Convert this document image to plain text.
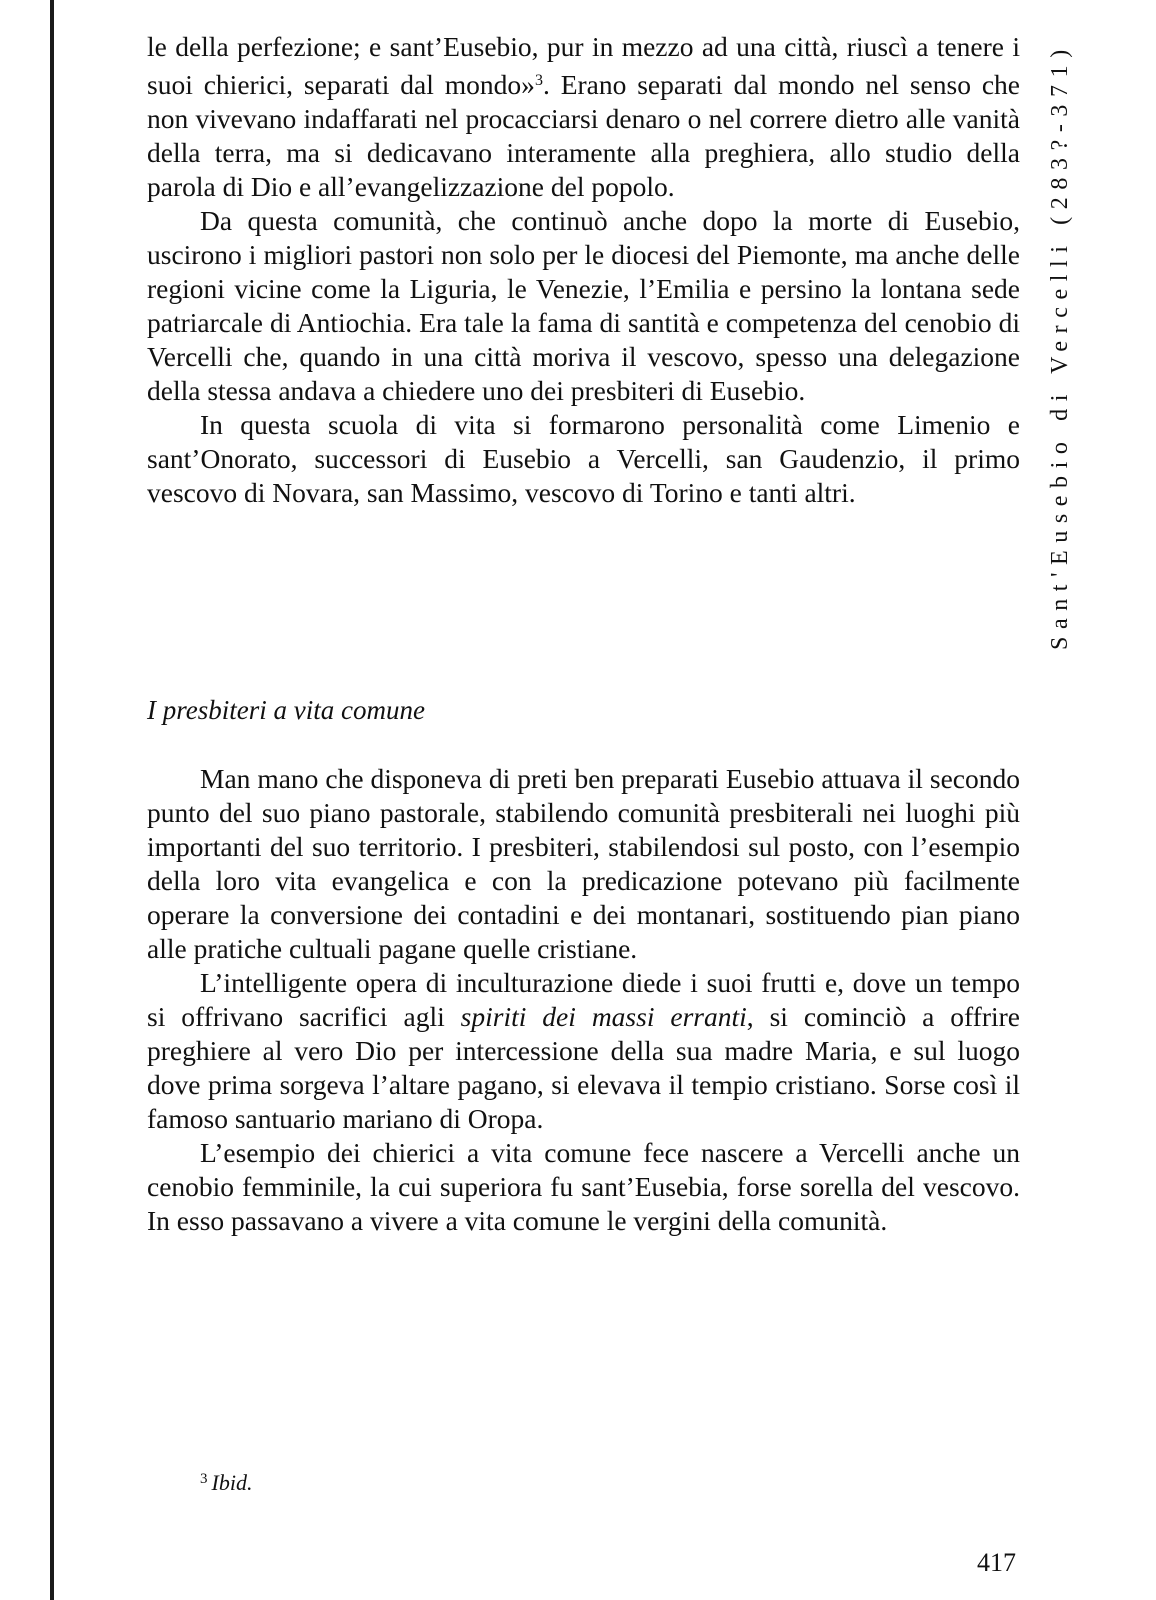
Sant'Eusebio di Vercelli (283?-371)

le della perfezione; e sant’Eusebio, pur in mezzo ad una città, riuscì a tenere i suoi chierici, separati dal mondo»$^3$. Erano separati dal mondo nel senso che non vivevano indaffarati nel procacciarsi denaro o nel correre dietro alle vanità della terra, ma si dedicavano interamente alla preghiera, allo studio della parola di Dio e all’evangelizzazione del popolo.

Da questa comunità, che continuò anche dopo la morte di Eusebio, uscirono i migliori pastori non solo per le diocesi del Piemonte, ma anche delle regioni vicine come la Liguria, le Venezie, l’Emilia e persino la lontana sede patriarcale di Antiochia. Era tale la fama di santità e competenza del cenobio di Vercelli che, quando in una città moriva il vescovo, spesso una delegazione della stessa andava a chiedere uno dei presbiteri di Eusebio.

In questa scuola di vita si formarono personalità come Limenio e sant’Onorato, successori di Eusebio a Vercelli, san Gaudenzio, il primo vescovo di Novara, san Massimo, vescovo di Torino e tanti altri.

I presbiteri a vita comune

Man mano che disponeva di preti ben preparati Eusebio attuava il secondo punto del suo piano pastorale, stabilendo comunità presbiterali nei luoghi più importanti del suo territorio. I presbiteri, stabilendosi sul posto, con l’esempio della loro vita evangelica e con la predicazione potevano più facilmente operare la conversione dei contadini e dei montanari, sostituendo pian piano alle pratiche cultuali pagane quelle cristiane.

L’intelligente opera di inculturazione diede i suoi frutti e, dove un tempo si offrivano sacrifici agli spiriti dei massi erranti, si cominciò a offrire preghiere al vero Dio per intercessione della sua madre Maria, e sul luogo dove prima sorgeva l’altare pagano, si elevava il tempio cristiano. Sorse così il famoso santuario mariano di Oropa.

L’esempio dei chierici a vita comune fece nascere a Vercelli anche un cenobio femminile, la cui superiora fu sant’Eusebia, forse sorella del vescovo. In esso passavano a vivere a vita comune le vergini della comunità.

$^3$ Ibid.
417
